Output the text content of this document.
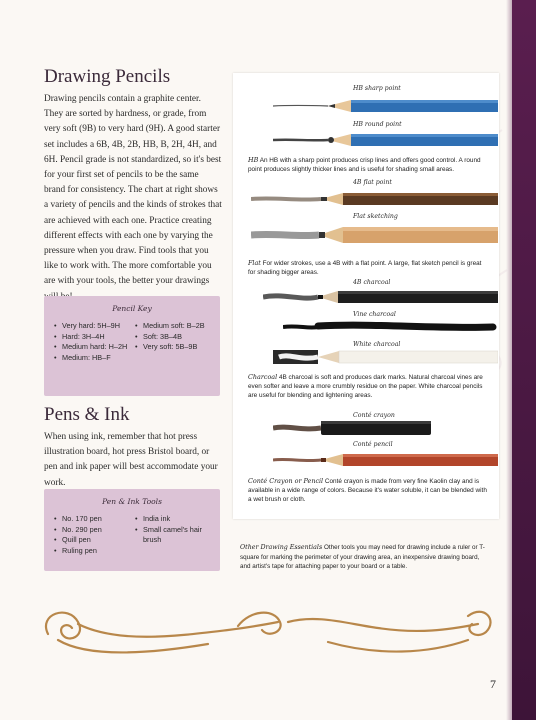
Drawing Pencils

Drawing pencils contain a graphite center. They are sorted by hardness, or grade, from very soft (9B) to very hard (9H). A good starter set includes a 6B, 4B, 2B, HB, B, 2H, 4H, and 6H. Pencil grade is not standardized, so it's best for your first set of pencils to be the same brand for consistency. The chart at right shows a variety of pencils and the kinds of strokes that are achieved with each one. Practice creating different effects with each one by varying the pressure when you draw. Find tools that you like to work with. The more comfortable you are with your tools, the better your drawings

Pencil Key
• Very hard: 5H–9H
• Hard: 3H–4H
• Medium hard: H–2H
• Medium: HB–F
• Medium soft: B–2B
• Soft: 3B–4B
• Very soft: 5B–9B
Pens & Ink

When using ink, remember that hot press illustration board, hot press Bristol board, or pen and ink paper will best accommodate your work.

Pen & Ink Tools
• No. 170 pen
• No. 290 pen
• Quill pen
• Ruling pen
• India ink
• Small camel's hair brush
HB sharp point
HB round point
HB An HB with a sharp point produces crisp lines and offers good control. A round point produces slightly thicker lines and is useful for shading small areas.
4B flat point
Flat sketching
Flat For wider strokes, use a 4B with a flat point. A large, flat sketch pencil is great for shading bigger areas.
4B charcoal
Vine charcoal
White charcoal
Charcoal 4B charcoal is soft and produces dark marks. Natural charcoal vines are even softer and leave a more crumbly residue on the paper. White charcoal pencils are useful for blending and lightening areas.
Conté crayon
Conté pencil
Conté Crayon or Pencil Conté crayon is made from very fine Kaolin clay and is available in a wide range of colors. Because it's water soluble, it can be blended with a wet brush or cloth.
Other Drawing Essentials Other tools you may need for drawing include a ruler or T-square for marking the perimeter of your drawing area, an inexpensive drawing board, and artist's tape for attaching paper to your board or a table.
7
